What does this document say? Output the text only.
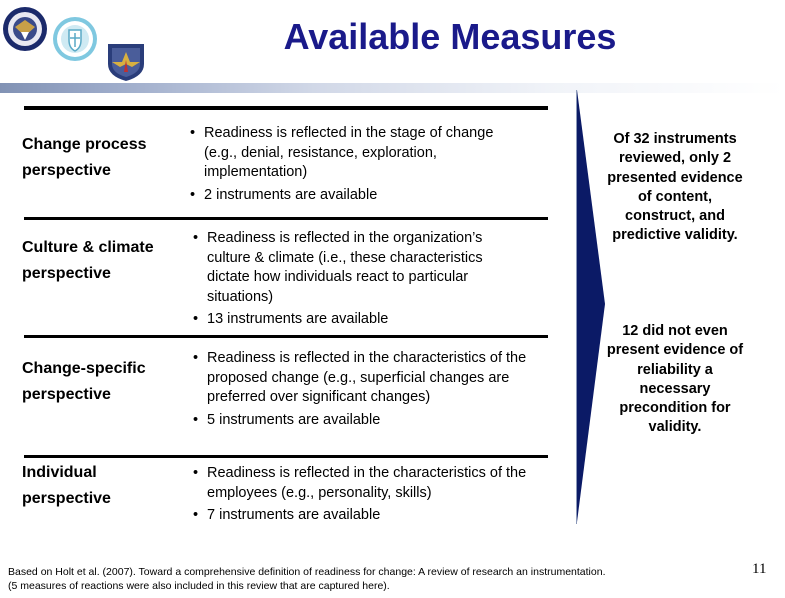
Available Measures
Change process
perspective
• Readiness is reflected in the stage of change (e.g., denial, resistance, exploration, implementation)
• 2 instruments are available
Culture & climate
perspective
• Readiness is reflected in the organization’s culture & climate (i.e., these characteristics dictate how individuals react to particular situations)
• 13 instruments are available
Change-specific
perspective
• Readiness is reflected in the characteristics of the proposed change (e.g., superficial changes are preferred over significant changes)
• 5 instruments are available
Individual
perspective
• Readiness is reflected in the characteristics of the employees (e.g., personality, skills)
• 7 instruments are available
Of 32 instruments reviewed, only 2 presented evidence of content, construct, and predictive validity.
12 did not even present evidence of reliability a necessary precondition for validity.
Based on Holt et al. (2007). Toward a comprehensive definition of readiness for change: A review of research an instrumentation.
(5 measures of reactions were also included in this review that are captured here).
11
